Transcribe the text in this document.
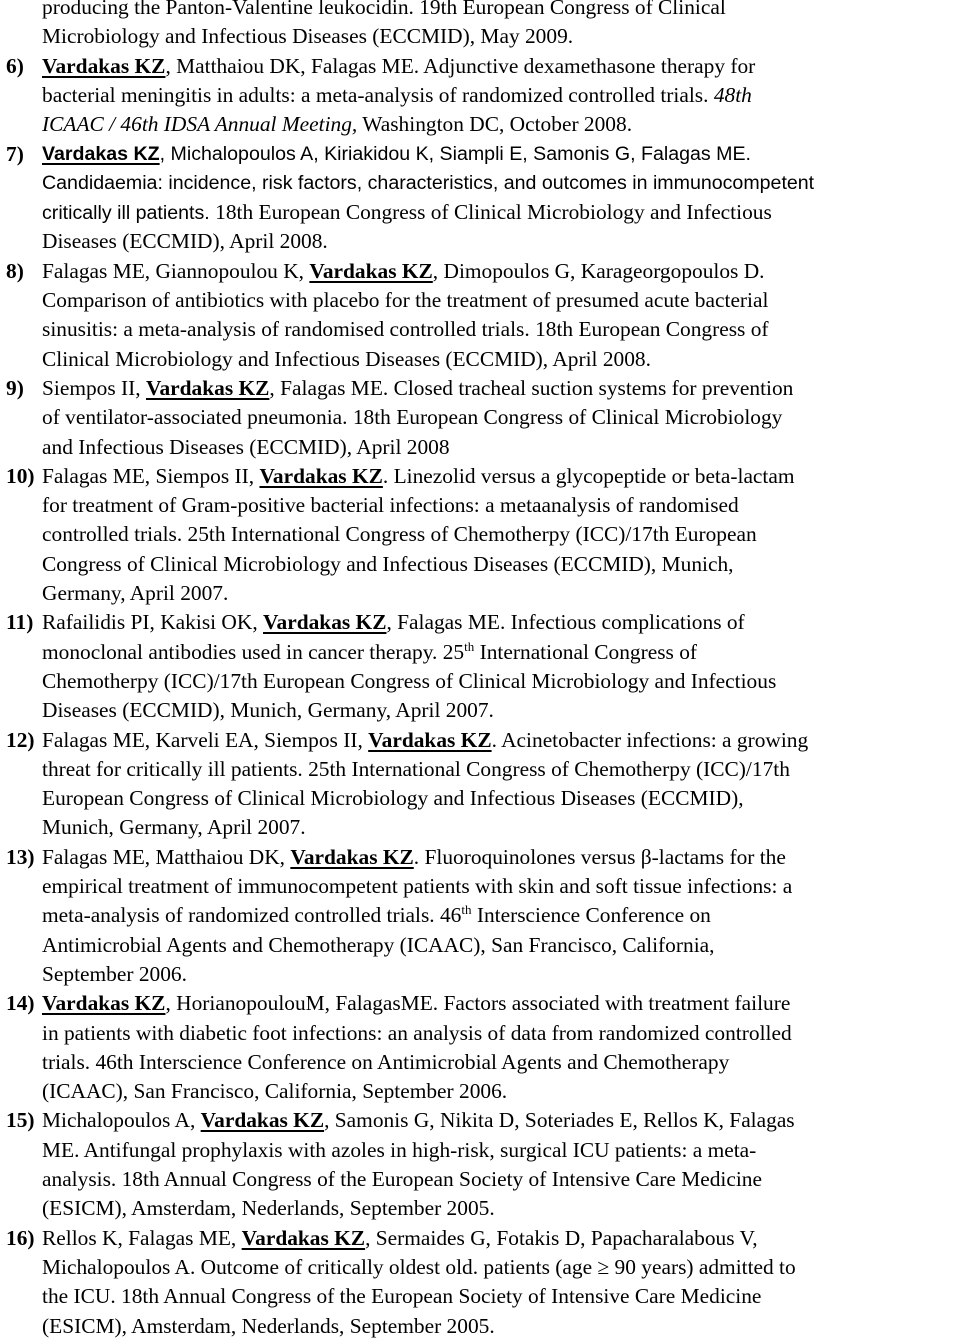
producing the Panton-Valentine leukocidin. 19th European Congress of Clinical
Microbiology and Infectious Diseases (ECCMID), May 2009.
6) Vardakas KZ, Matthaiou DK, Falagas ME. Adjunctive dexamethasone therapy for
bacterial meningitis in adults: a meta-analysis of randomized controlled trials. 48th
ICAAC / 46th IDSA Annual Meeting, Washington DC, October 2008.
7) Vardakas KZ, Michalopoulos A, Kiriakidou K, Siampli E, Samonis G, Falagas ME.
Candidaemia: incidence, risk factors, characteristics, and outcomes in immunocompetent
critically ill patients. 18th European Congress of Clinical Microbiology and Infectious
Diseases (ECCMID), April 2008.
8) Falagas ME, Giannopoulou K, Vardakas KZ, Dimopoulos G, Karageorgopoulos D.
Comparison of antibiotics with placebo for the treatment of presumed acute bacterial
sinusitis: a meta-analysis of randomised controlled trials. 18th European Congress of
Clinical Microbiology and Infectious Diseases (ECCMID), April 2008.
9) Siempos II, Vardakas KZ, Falagas ME. Closed tracheal suction systems for prevention
of ventilator-associated pneumonia. 18th European Congress of Clinical Microbiology
and Infectious Diseases (ECCMID), April 2008
10) Falagas ME, Siempos II, Vardakas KZ. Linezolid versus a glycopeptide or beta-lactam
for treatment of Gram-positive bacterial infections: a metaanalysis of randomised
controlled trials. 25th International Congress of Chemotherpy (ICC)/17th European
Congress of Clinical Microbiology and Infectious Diseases (ECCMID), Munich,
Germany, April 2007.
11) Rafailidis PI, Kakisi OK, Vardakas KZ, Falagas ME. Infectious complications of
monoclonal antibodies used in cancer therapy. 25th International Congress of
Chemotherpy (ICC)/17th European Congress of Clinical Microbiology and Infectious
Diseases (ECCMID), Munich, Germany, April 2007.
12) Falagas ME, Karveli EA, Siempos II, Vardakas KZ. Acinetobacter infections: a growing
threat for critically ill patients. 25th International Congress of Chemotherpy (ICC)/17th
European Congress of Clinical Microbiology and Infectious Diseases (ECCMID),
Munich, Germany, April 2007.
13) Falagas ME, Matthaiou DK, Vardakas KZ. Fluoroquinolones versus β-lactams for the
empirical treatment of immunocompetent patients with skin and soft tissue infections: a
meta-analysis of randomized controlled trials. 46th Interscience Conference on
Antimicrobial Agents and Chemotherapy (ICAAC), San Francisco, California,
September 2006.
14) Vardakas KZ, HorianopoulouM, FalagasME. Factors associated with treatment failure
in patients with diabetic foot infections: an analysis of data from randomized controlled
trials. 46th Interscience Conference on Antimicrobial Agents and Chemotherapy
(ICAAC), San Francisco, California, September 2006.
15) Michalopoulos A, Vardakas KZ, Samonis G, Nikita D, Soteriades E, Rellos K, Falagas
ME. Antifungal prophylaxis with azoles in high-risk, surgical ICU patients: a meta-
analysis. 18th Annual Congress of the European Society of Intensive Care Medicine
(ESICM), Amsterdam, Nederlands, September 2005.
16) Rellos K, Falagas ME, Vardakas KZ, Sermaides G, Fotakis D, Papacharalabous V,
Michalopoulos A. Outcome of critically oldest old. patients (age ≥ 90 years) admitted to
the ICU. 18th Annual Congress of the European Society of Intensive Care Medicine
(ESICM), Amsterdam, Nederlands, September 2005.
